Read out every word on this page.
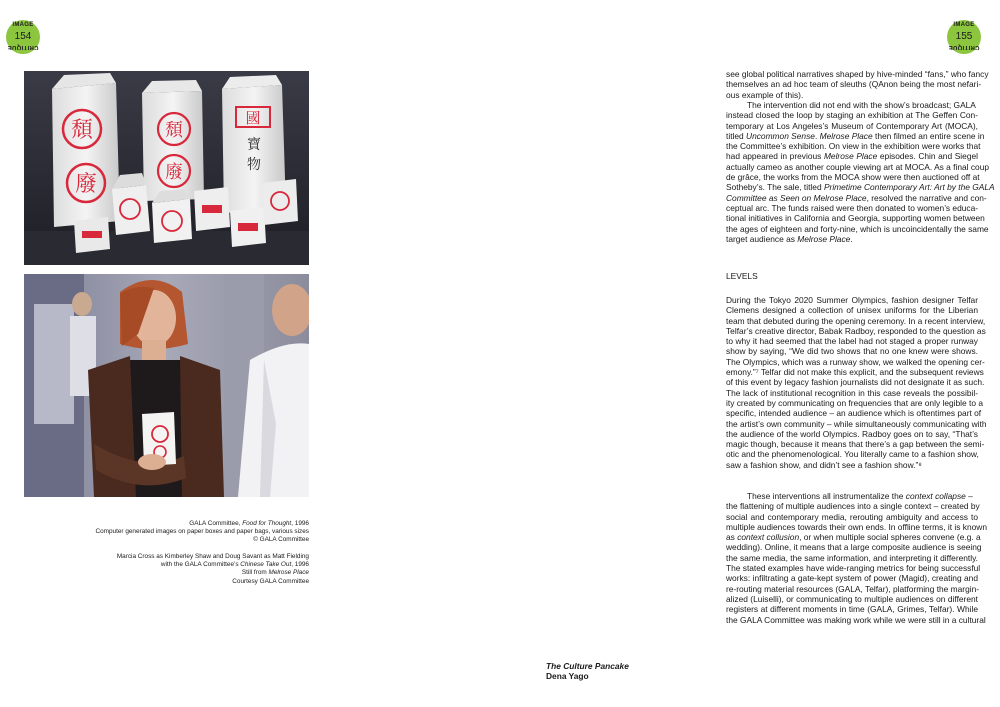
IMAGE
154
CRITIQUE
IMAGE
155
CRITIQUE
頹
廢
頹
廢
國
寶
物
GALA Committee, Food for Thought, 1996
Computer generated images on paper boxes and paper bags, various sizes
© GALA Committee
Marcia Cross as Kimberley Shaw and Doug Savant as Matt Fielding
with the GALA Committee’s Chinese Take Out, 1996
Still from Melrose Place
Courtesy GALA Committee
see global political narratives shaped by hive-minded “fans,” who fancy
themselves an ad hoc team of sleuths (QAnon being the most nefari-
ous example of this).
The intervention did not end with the show’s broadcast; GALA
instead closed the loop by staging an exhibition at The Geffen Con-
temporary at Los Angeles’s Museum of Contemporary Art (MOCA),
titled Uncommon Sense. Melrose Place then filmed an entire scene in
the Committee’s exhibition. On view in the exhibition were works that
had appeared in previous Melrose Place episodes. Chin and Siegel
actually cameo as another couple viewing art at MOCA. As a final coup
de grâce, the works from the MOCA show were then auctioned off at
Sotheby’s. The sale, titled Primetime Contemporary Art: Art by the GALA
Committee as Seen on Melrose Place, resolved the narrative and con-
ceptual arc. The funds raised were then donated to women’s educa-
tional initiatives in California and Georgia, supporting women between
the ages of eighteen and forty-nine, which is uncoincidentally the same
target audience as Melrose Place.
LEVELS
During the Tokyo 2020 Summer Olympics, fashion designer Telfar
Clemens designed a collection of unisex uniforms for the Liberian
team that debuted during the opening ceremony. In a recent interview,
Telfar’s creative director, Babak Radboy, responded to the question as
to why it had seemed that the label had not staged a proper runway
show by saying, “We did two shows that no one knew were shows.
The Olympics, which was a runway show, we walked the opening cer-
emony.”⁷ Telfar did not make this explicit, and the subsequent reviews
of this event by legacy fashion journalists did not designate it as such.
The lack of institutional recognition in this case reveals the possibil-
ity created by communicating on frequencies that are only legible to a
specific, intended audience – an audience which is oftentimes part of
the artist’s own community – while simultaneously communicating with
the audience of the world Olympics. Radboy goes on to say, “That’s
magic though, because it means that there’s a gap between the semi-
otic and the phenomenological. You literally came to a fashion show,
saw a fashion show, and didn’t see a fashion show.”⁸
These interventions all instrumentalize the context collapse –
the flattening of multiple audiences into a single context – created by
social and contemporary media, rerouting ambiguity and access to
multiple audiences towards their own ends. In offline terms, it is known
as context collusion, or when multiple social spheres convene (e.g. a
wedding). Online, it means that a large composite audience is seeing
the same media, the same information, and interpreting it differently.
The stated examples have wide-ranging metrics for being successful
works: infiltrating a gate-kept system of power (Magid), creating and
re-routing material resources (GALA, Telfar), platforming the margin-
alized (Luiselli), or communicating to multiple audiences on different
registers at different moments in time (GALA, Grimes, Telfar). While
the GALA Committee was making work while we were still in a cultural
The Culture Pancake
Dena Yago
